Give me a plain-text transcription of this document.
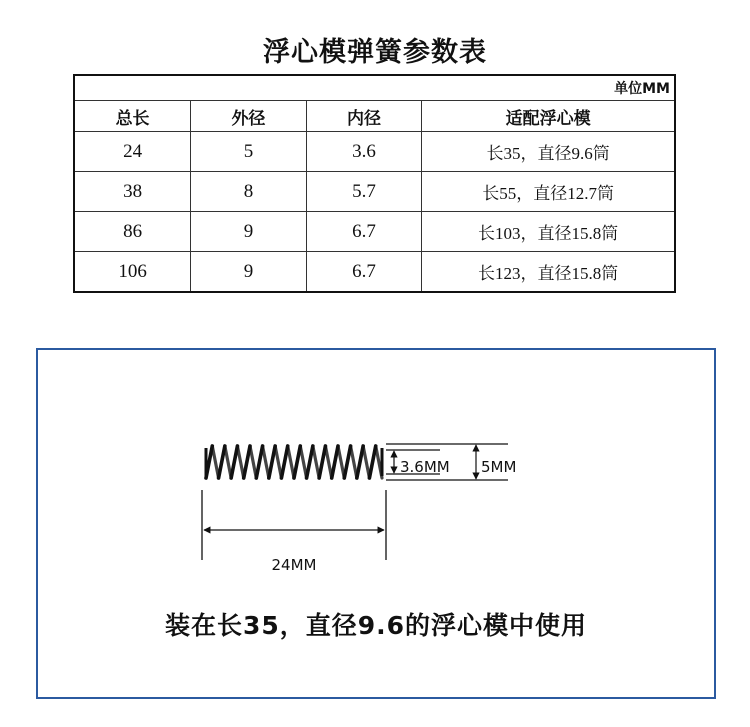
浮心模弹簧参数表
单位MM			
总长	外径	内径	适配浮心模
24	5	3.6	长35，直径9.6筒
38	8	5.7	长55，直径12.7筒
86	9	6.7	长103，直径15.8筒
106	9	6.7	长123，直径15.8筒
3.6MM 5MM
24MM
装在长35，直径9.6的浮心模中使用
